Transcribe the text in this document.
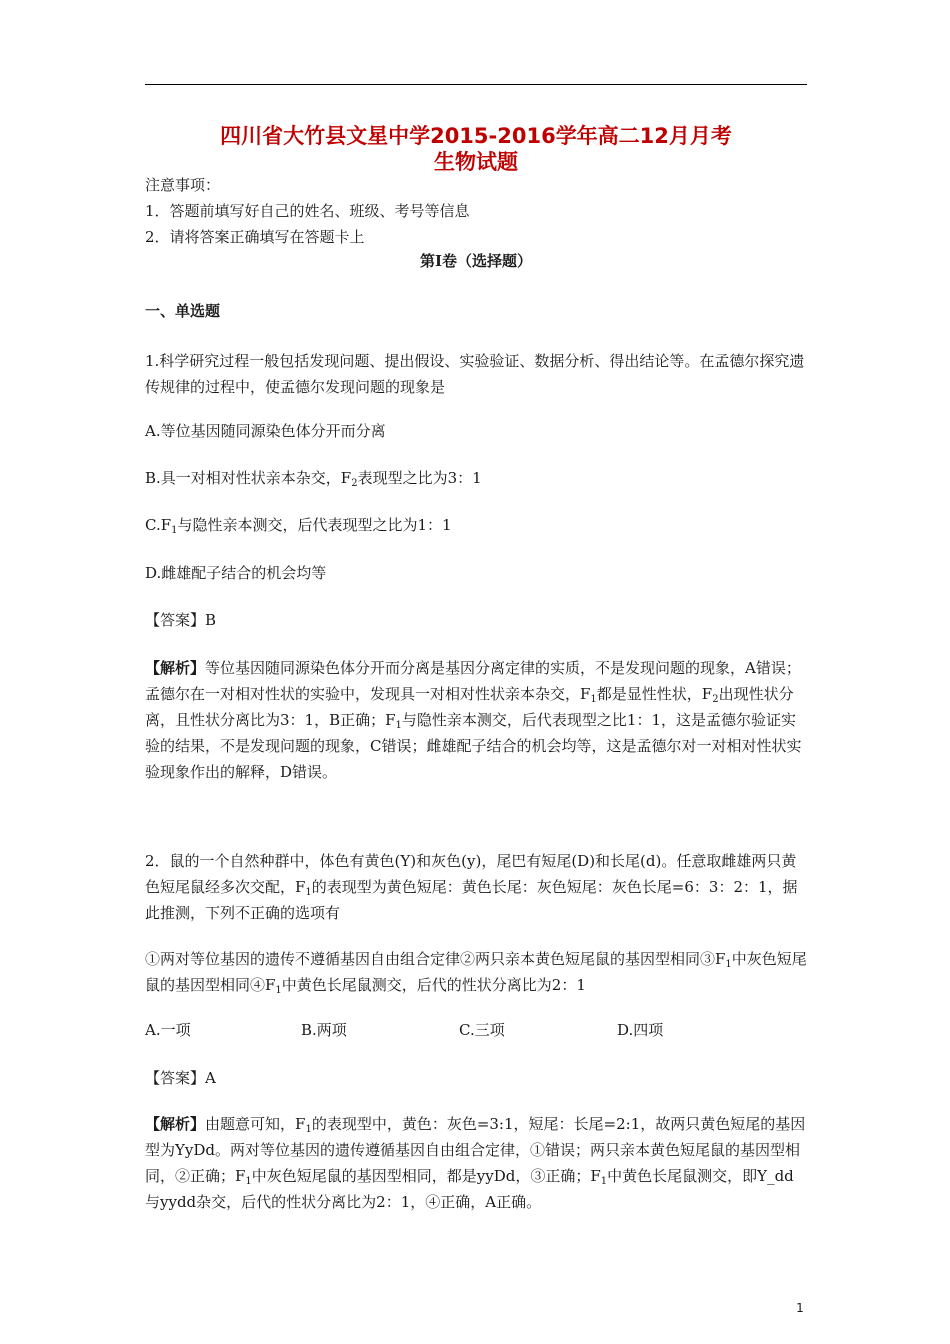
四川省大竹县文星中学2015-2016学年高二12月月考
生物试题

注意事项：

1．答题前填写好自己的姓名、班级、考号等信息

2．请将答案正确填写在答题卡上

第I卷（选择题）

一、单选题

1.科学研究过程一般包括发现问题、提出假设、实验验证、数据分析、得出结论等。在孟德尔探究遗传规律的过程中，使孟德尔发现问题的现象是

A.等位基因随同源染色体分开而分离

B.具一对相对性状亲本杂交，$F_2$表现型之比为3：1

$C.F_1$与隐性亲本测交，后代表现型之比为1：1

D.雌雄配子结合的机会均等

【答案】B

【解析】等位基因随同源染色体分开而分离是基因分离定律的实质，不是发现问题的现象，A错误；孟德尔在一对相对性状的实验中，发现具一对相对性状亲本杂交，$F_1$都是显性性状，$F_2$出现性状分离，且性状分离比为3：1，B正确；$F_1$与隐性亲本测交，后代表现型之比1：1，这是孟德尔验证实验的结果，不是发现问题的现象，C错误；雌雄配子结合的机会均等，这是孟德尔对一对相对性状实验现象作出的解释，D错误。

2．鼠的一个自然种群中，体色有黄色(Y)和灰色(y)，尾巴有短尾(D)和长尾(d)。任意取雌雄两只黄色短尾鼠经多次交配，$F_1$的表现型为黄色短尾：黄色长尾：灰色短尾：灰色长尾=6：3：2：1，据此推测，下列不正确的选项有

①两对等位基因的遗传不遵循基因自由组合定律②两只亲本黄色短尾鼠的基因型相同$③F_1$中灰色短尾鼠的基因型相同$④F_1$中黄色长尾鼠测交，后代的性状分离比为2：1

A.一项	B.两项	C.三项	D.四项

【答案】A

【解析】由题意可知，$F_1$的表现型中，黄色：灰色=3:1，短尾：长尾=2:1，故两只黄色短尾的基因型为YyDd。两对等位基因的遗传遵循基因自由组合定律，①错误；两只亲本黄色短尾鼠的基因型相同，②正确；$F_1$中灰色短尾鼠的基因型相同，都是yyDd，③正确；$F_1$中黄色长尾鼠测交，即Y_dd与yydd杂交，后代的性状分离比为2：1，④正确，A正确。

1
